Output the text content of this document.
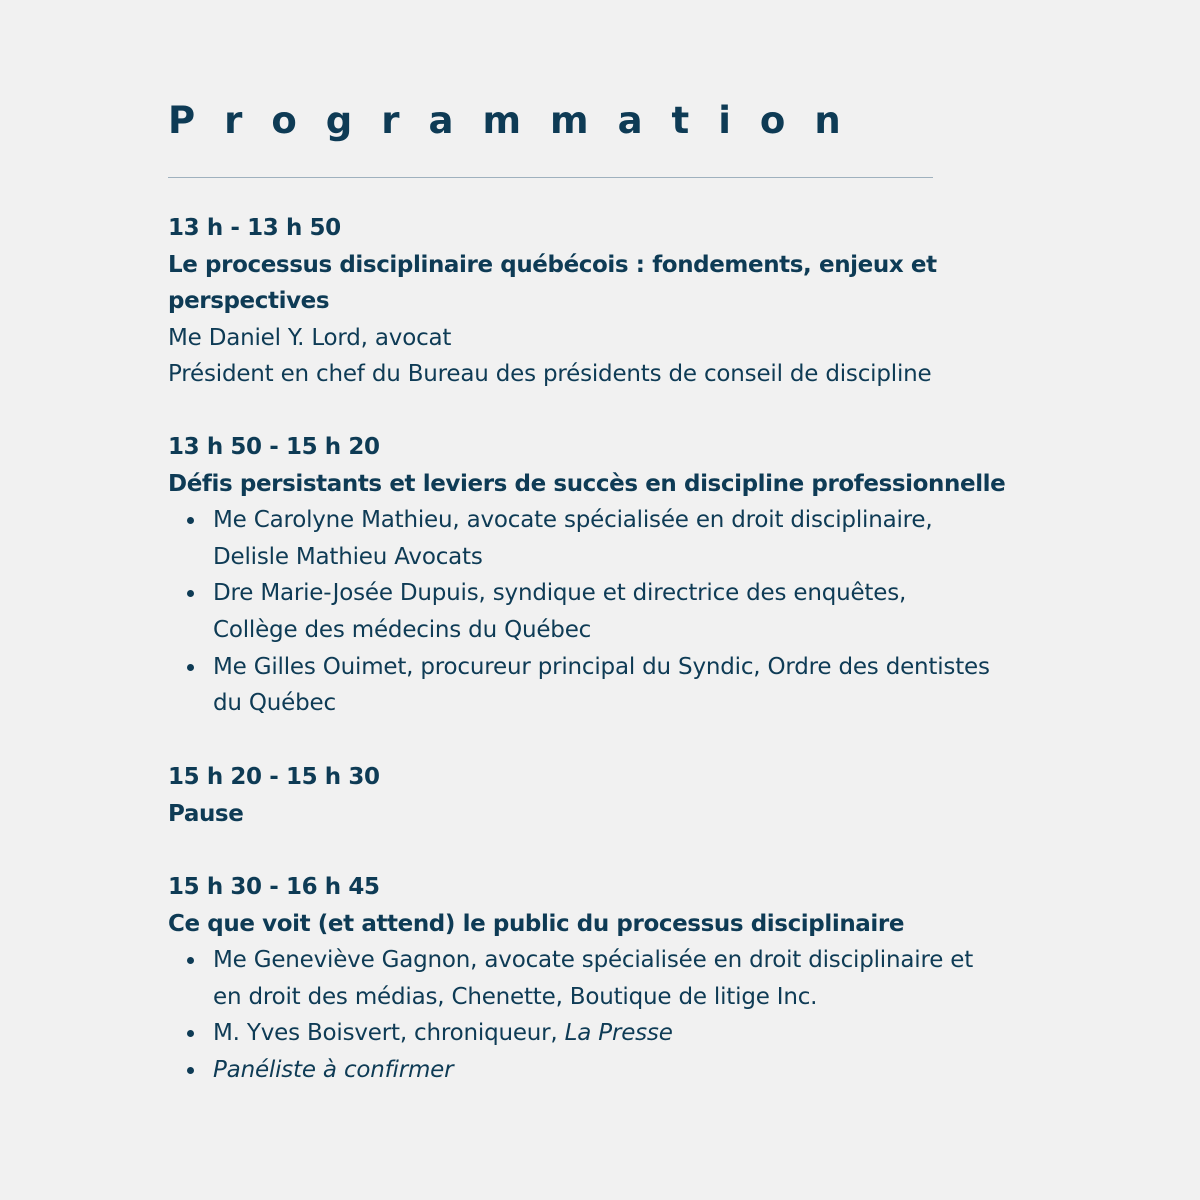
Programmation
13 h - 13 h 50
Le processus disciplinaire québécois : fondements, enjeux et
perspectives
Me Daniel Y. Lord, avocat
Président en chef du Bureau des présidents de conseil de discipline
13 h 50 - 15 h 20
Défis persistants et leviers de succès en discipline professionnelle
Me Carolyne Mathieu, avocate spécialisée en droit disciplinaire,
Delisle Mathieu Avocats
Dre Marie-Josée Dupuis, syndique et directrice des enquêtes,
Collège des médecins du Québec
Me Gilles Ouimet, procureur principal du Syndic, Ordre des dentistes
du Québec
15 h 20 - 15 h 30
Pause
15 h 30 - 16 h 45
Ce que voit (et attend) le public du processus disciplinaire
Me Geneviève Gagnon, avocate spécialisée en droit disciplinaire et
en droit des médias, Chenette, Boutique de litige Inc.
M. Yves Boisvert, chroniqueur, La Presse
Panéliste à confirmer
